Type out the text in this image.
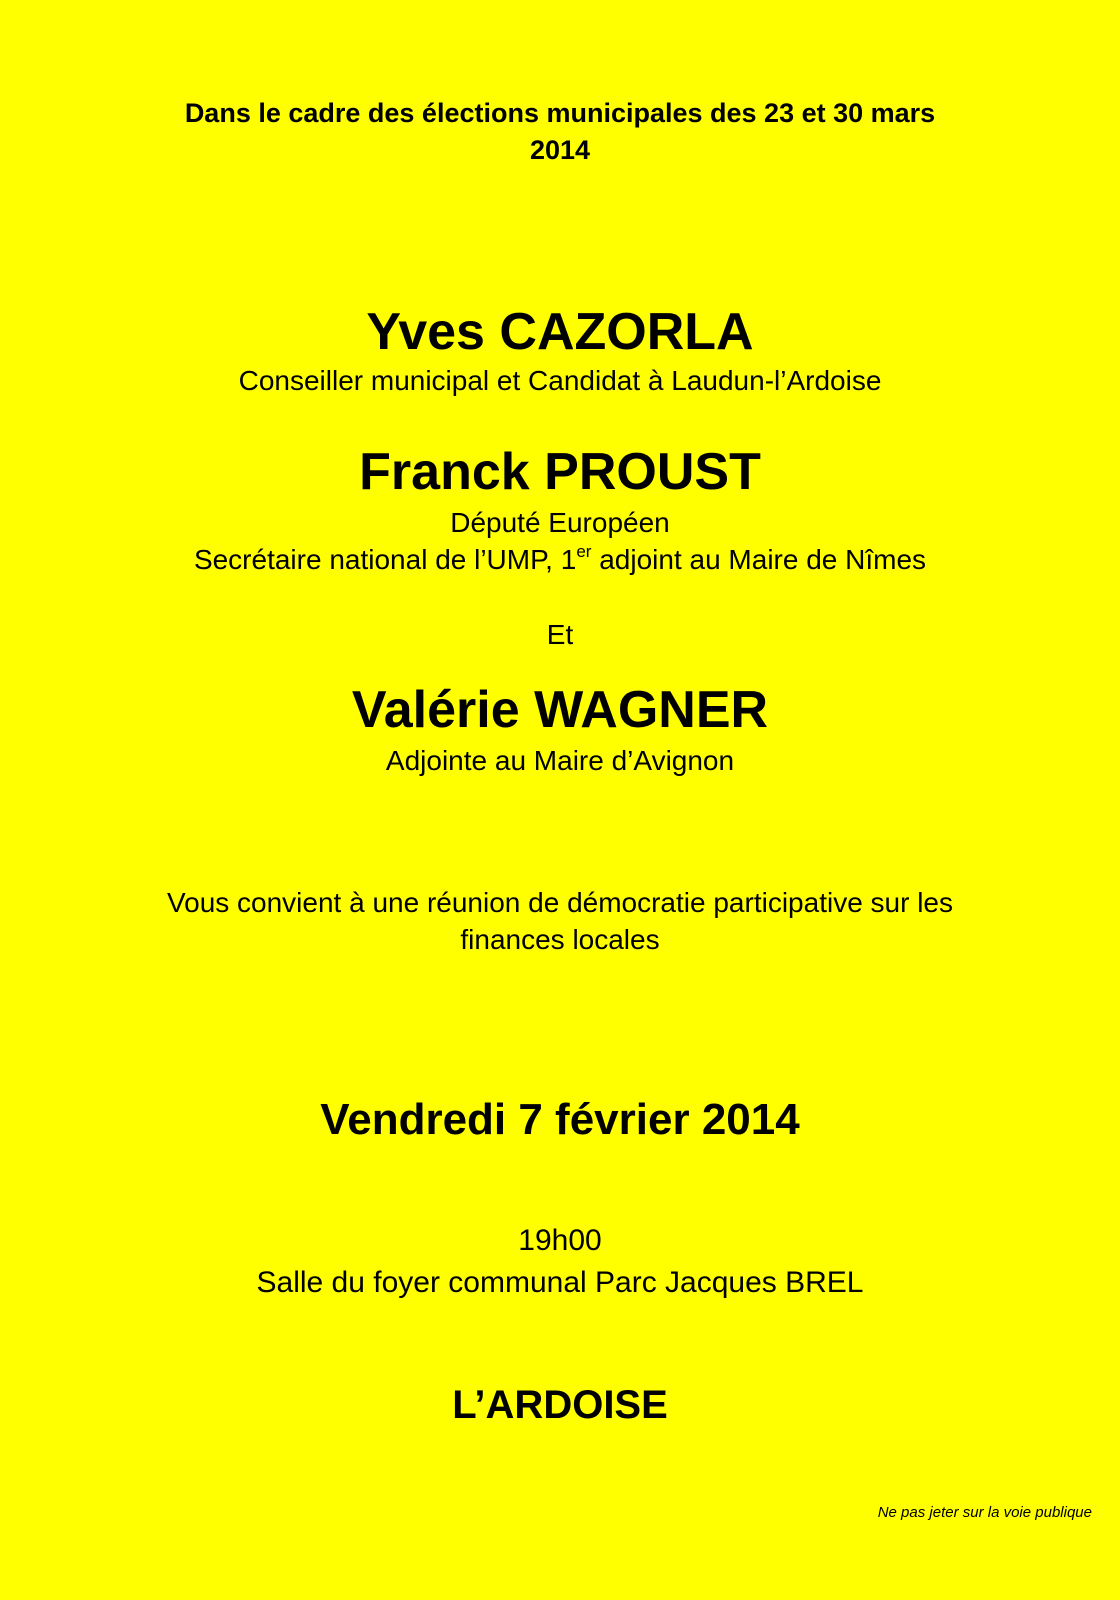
Dans le cadre des élections municipales des 23 et 30 mars
2014
Yves CAZORLA
Conseiller municipal et Candidat à Laudun-l’Ardoise
Franck PROUST
Député Européen
Secrétaire national de l’UMP, 1er adjoint au Maire de Nîmes
Et
Valérie WAGNER
Adjointe au Maire d’Avignon
Vous convient à une réunion de démocratie participative sur les
finances locales
Vendredi 7 février 2014
19h00
Salle du foyer communal Parc Jacques BREL
L’ARDOISE
Ne pas jeter sur la voie publique
